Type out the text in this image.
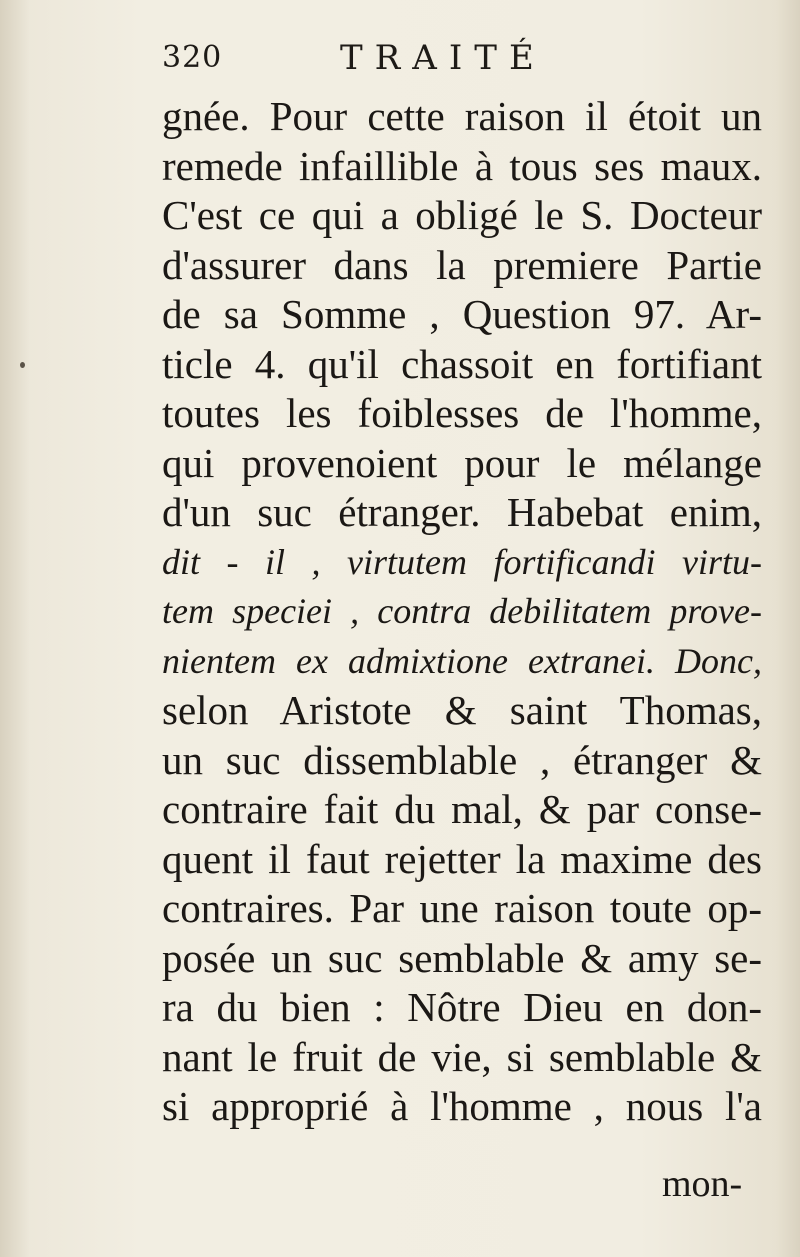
320	TRAITÉ
gnée. Pour cette raison il étoit un
remede infaillible à tous ses maux.
C'est ce qui a obligé le S. Docteur
d'assurer dans la premiere Partie
de sa Somme , Question 97. Ar-
ticle 4. qu'il chassoit en fortifiant
toutes les foiblesses de l'homme,
qui provenoient pour le mélange
d'un suc étranger. Habebat enim,
dit - il , virtutem fortificandi virtu-
tem speciei , contra debilitatem prove-
nientem ex admixtione extranei. Donc,
selon Aristote & saint Thomas,
un suc dissemblable , étranger &
contraire fait du mal, & par conse-
quent il faut rejetter la maxime des
contraires. Par une raison toute op-
posée un suc semblable & amy se-
ra du bien : Nôtre Dieu en don-
nant le fruit de vie, si semblable &
si approprié à l'homme , nous l'a
mon-
